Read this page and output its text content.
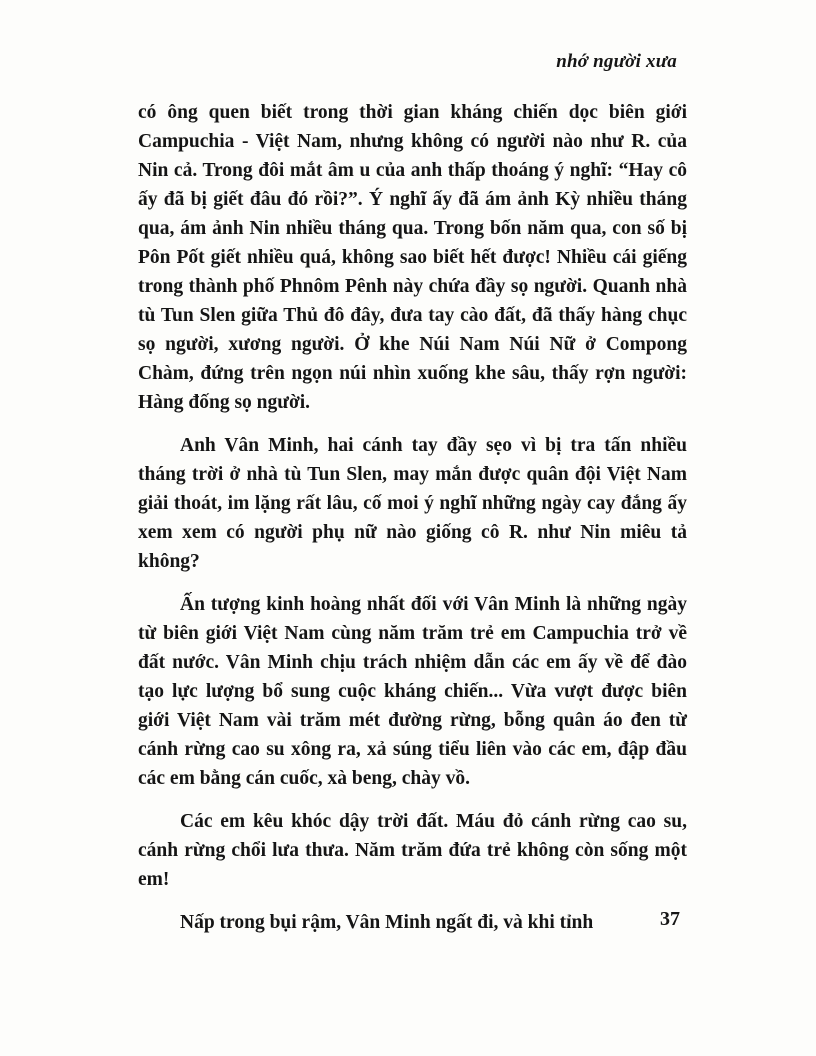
nhớ người xưa

có ông quen biết trong thời gian kháng chiến dọc biên giới Campuchia - Việt Nam, nhưng không có người nào như R. của Nin cả. Trong đôi mắt âm u của anh thấp thoáng ý nghĩ: “Hay cô ấy đã bị giết đâu đó rồi?”. Ý nghĩ ấy đã ám ảnh Kỳ nhiều tháng qua, ám ảnh Nin nhiều tháng qua. Trong bốn năm qua, con số bị Pôn Pốt giết nhiều quá, không sao biết hết được! Nhiều cái giếng trong thành phố Phnôm Pênh này chứa đầy sọ người. Quanh nhà tù Tun Slen giữa Thủ đô đây, đưa tay cào đất, đã thấy hàng chục sọ người, xương người. Ở khe Núi Nam Núi Nữ ở Compong Chàm, đứng trên ngọn núi nhìn xuống khe sâu, thấy rợn người: Hàng đống sọ người.

Anh Vân Minh, hai cánh tay đầy sẹo vì bị tra tấn nhiều tháng trời ở nhà tù Tun Slen, may mắn được quân đội Việt Nam giải thoát, im lặng rất lâu, cố moi ý nghĩ những ngày cay đắng ấy xem xem có người phụ nữ nào giống cô R. như Nin miêu tả không?

Ấn tượng kinh hoàng nhất đối với Vân Minh là những ngày từ biên giới Việt Nam cùng năm trăm trẻ em Campuchia trở về đất nước. Vân Minh chịu trách nhiệm dẫn các em ấy về để đào tạo lực lượng bổ sung cuộc kháng chiến... Vừa vượt được biên giới Việt Nam vài trăm mét đường rừng, bỗng quân áo đen từ cánh rừng cao su xông ra, xả súng tiểu liên vào các em, đập đầu các em bằng cán cuốc, xà beng, chày vồ.

Các em kêu khóc dậy trời đất. Máu đỏ cánh rừng cao su, cánh rừng chổi lưa thưa. Năm trăm đứa trẻ không còn sống một em!

Nấp trong bụi rậm, Vân Minh ngất đi, và khi tỉnh	37
